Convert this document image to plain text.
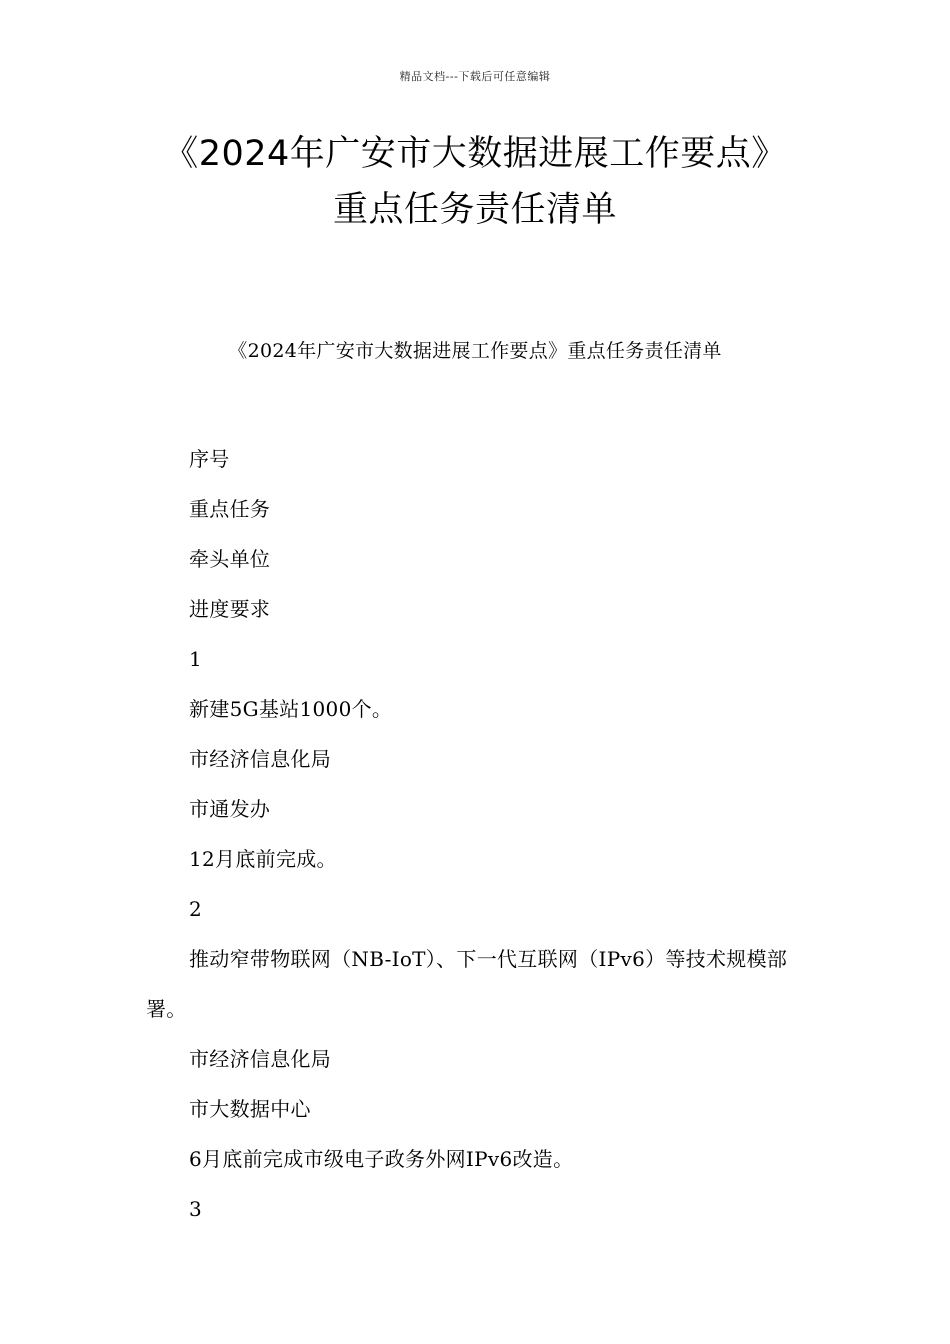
精品文档---下载后可任意编辑
《2024年广安市大数据进展工作要点》
重点任务责任清单
《2024年广安市大数据进展工作要点》重点任务责任清单

序号

重点任务

牵头单位

进度要求

1

新建5G基站1000个。

市经济信息化局

市通发办

12月底前完成。

2

推动窄带物联网（NB-IoT）、下一代互联网（IPv6）等技术规模部署。

市经济信息化局

市大数据中心

6月底前完成市级电子政务外网IPv6改造。

3
